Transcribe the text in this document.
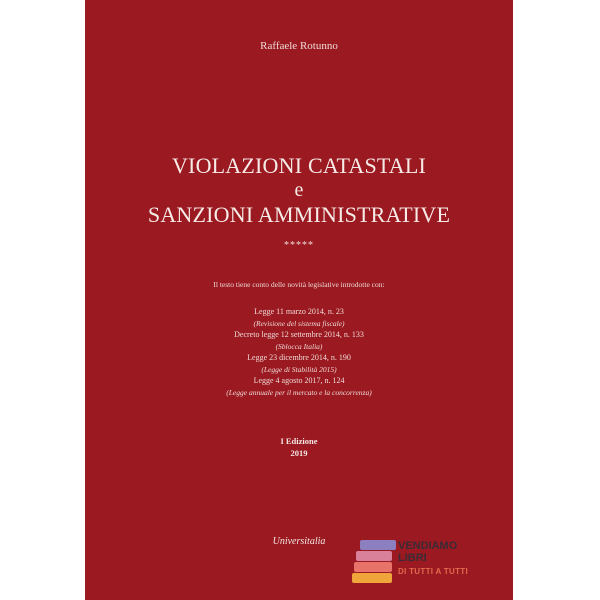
Raffaele Rotunno
VIOLAZIONI CATASTALI
e
SANZIONI AMMINISTRATIVE
*****
Il testo tiene conto delle novità legislative introdotte con:
Legge 11 marzo 2014, n. 23
(Revisione del sistema fiscale)
Decreto legge 12 settembre 2014, n. 133
(Sblocca Italia)
Legge 23 dicembre 2014, n. 190
(Legge di Stabilità 2015)
Legge 4 agosto 2017, n. 124
(Legge annuale per il mercato e la concorrenza)
I Edizione
2019
Universitalia	VENDIAMO
LIBRI
DI TUTTI A TUTTI
